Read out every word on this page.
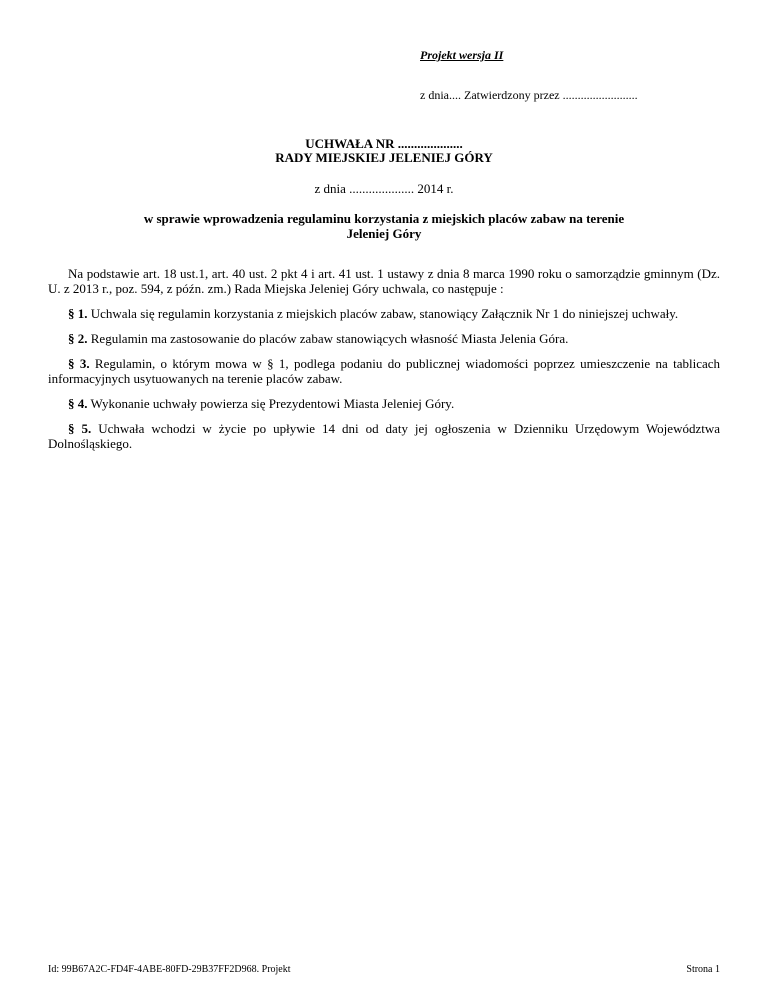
Projekt wersja II

z dnia.... Zatwierdzony przez .........................

UCHWAŁA NR ....................
RADY MIEJSKIEJ JELENIEJ GÓRY
z dnia .................... 2014 r.
w sprawie wprowadzenia regulaminu korzystania z miejskich placów zabaw na terenie
Jeleniej Góry

Na podstawie art. 18 ust.1, art. 40 ust. 2 pkt 4 i art. 41 ust. 1 ustawy z dnia 8 marca 1990 roku o samorządzie gminnym (Dz. U. z 2013 r., poz. 594, z późn. zm.) Rada Miejska Jeleniej Góry uchwala, co następuje :

§ 1. Uchwala się regulamin korzystania z miejskich placów zabaw, stanowiący Załącznik Nr 1 do niniejszej uchwały.

§ 2. Regulamin ma zastosowanie do placów zabaw stanowiących własność Miasta Jelenia Góra.

§ 3. Regulamin, o którym mowa w § 1, podlega podaniu do publicznej wiadomości poprzez umieszczenie na tablicach informacyjnych usytuowanych na terenie placów zabaw.

§ 4. Wykonanie uchwały powierza się Prezydentowi Miasta Jeleniej Góry.

§ 5. Uchwała wchodzi w życie po upływie 14 dni od daty jej ogłoszenia w Dzienniku Urzędowym Województwa Dolnośląskiego.

Id: 99B67A2C-FD4F-4ABE-80FD-29B37FF2D968. Projekt	Strona 1
